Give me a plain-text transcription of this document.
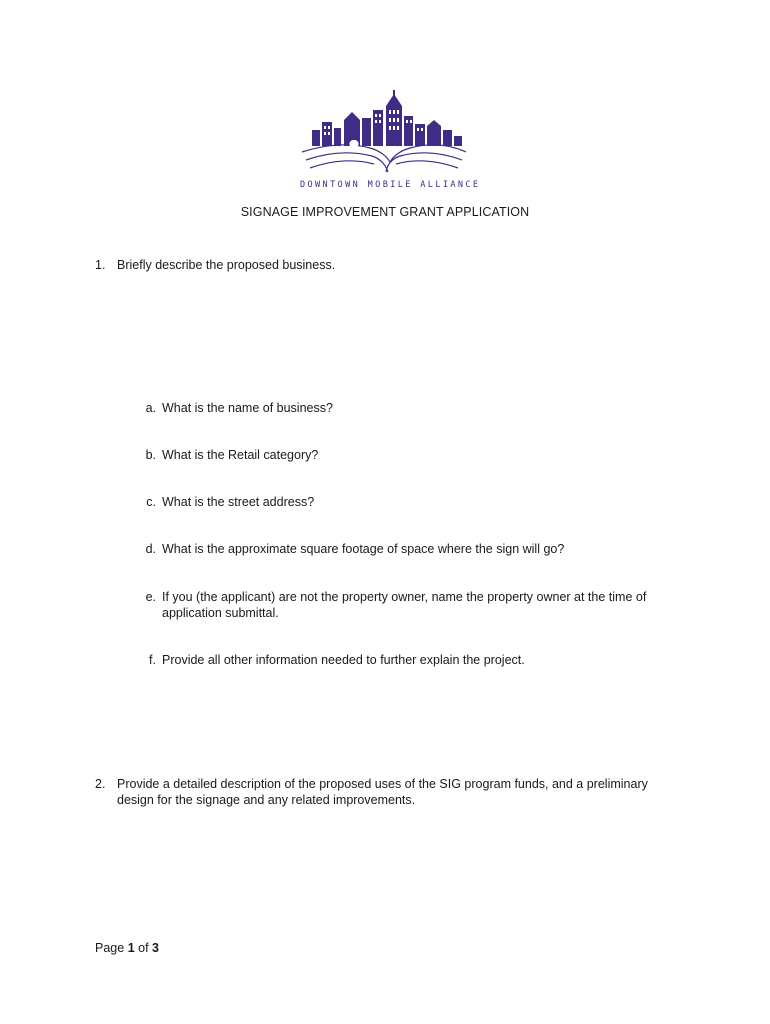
DOWNTOWN MOBILE ALLIANCE
SIGNAGE IMPROVEMENT GRANT APPLICATION
1. Briefly describe the proposed business.
a. What is the name of business?
b. What is the Retail category?
c. What is the street address?
d. What is the approximate square footage of space where the sign will go?
e. If you (the applicant) are not the property owner, name the property owner at the time of application submittal.
f. Provide all other information needed to further explain the project.
2. Provide a detailed description of the proposed uses of the SIG program funds, and a preliminary design for the signage and any related improvements.
Page 1 of 3
